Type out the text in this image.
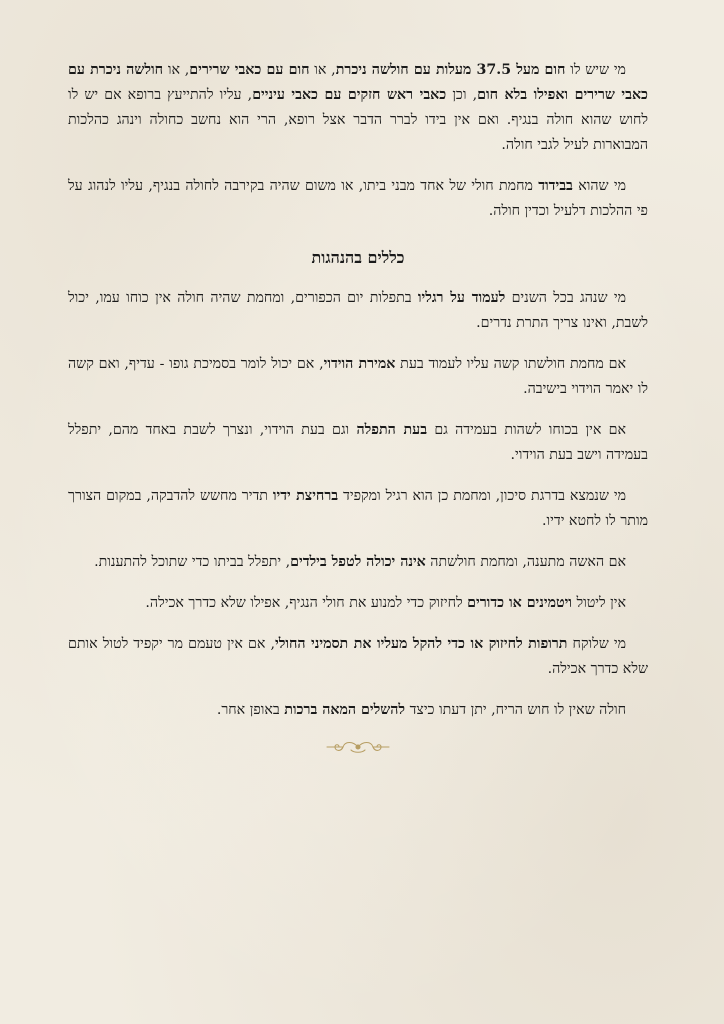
מי שיש לו חום מעל 37.5 מעלות עם חולשה ניכרת, או חום עם כאבי שרירים, או חולשה ניכרת עם כאבי שרירים ואפילו בלא חום, וכן כאבי ראש חזקים עם כאבי עיניים, עליו להתייעץ ברופא אם יש לו לחוש שהוא חולה בנגיף. ואם אין בידו לברר הדבר אצל רופא, הרי הוא נחשב כחולה וינהג כהלכות המבוארות לעיל לגבי חולה.

מי שהוא בבידוד מחמת חולי של אחד מבני ביתו, או משום שהיה בקירבה לחולה בנגיף, עליו לנהוג על פי ההלכות דלעיל וכדין חולה.

כללים בהנהגות

מי שנהג בכל השנים לעמוד על רגליו בתפלות יום הכפורים, ומחמת שהיה חולה אין כוחו עמו, יכול לשבת, ואינו צריך התרת נדרים.

אם מחמת חולשתו קשה עליו לעמוד בעת אמירת הוידוי, אם יכול לומר בסמיכת גופו - עדיף, ואם קשה לו יאמר הוידוי בישיבה.

אם אין בכוחו לשהות בעמידה גם בעת התפלה וגם בעת הוידוי, ונצרך לשבת באחד מהם, יתפלל בעמידה וישב בעת הוידוי.

מי שנמצא בדרגת סיכון, ומחמת כן הוא רגיל ומקפיד ברחיצת ידיו תדיר מחשש להדבקה, במקום הצורך מותר לו לחטא ידיו.

אם האשה מתענה, ומחמת חולשתה אינה יכולה לטפל בילדים, יתפלל בביתו כדי שתוכל להתענות.

אין ליטול ויטמינים או כדורים לחיזוק כדי למנוע את חולי הנגיף, אפילו שלא כדרך אכילה.

מי שלוקח תרופות לחיזוק או כדי להקל מעליו את תסמיני החולי, אם אין טעמם מר יקפיד לטול אותם שלא כדרך אכילה.

חולה שאין לו חוש הריח, יתן דעתו כיצד להשלים המאה ברכות באופן אחר.
